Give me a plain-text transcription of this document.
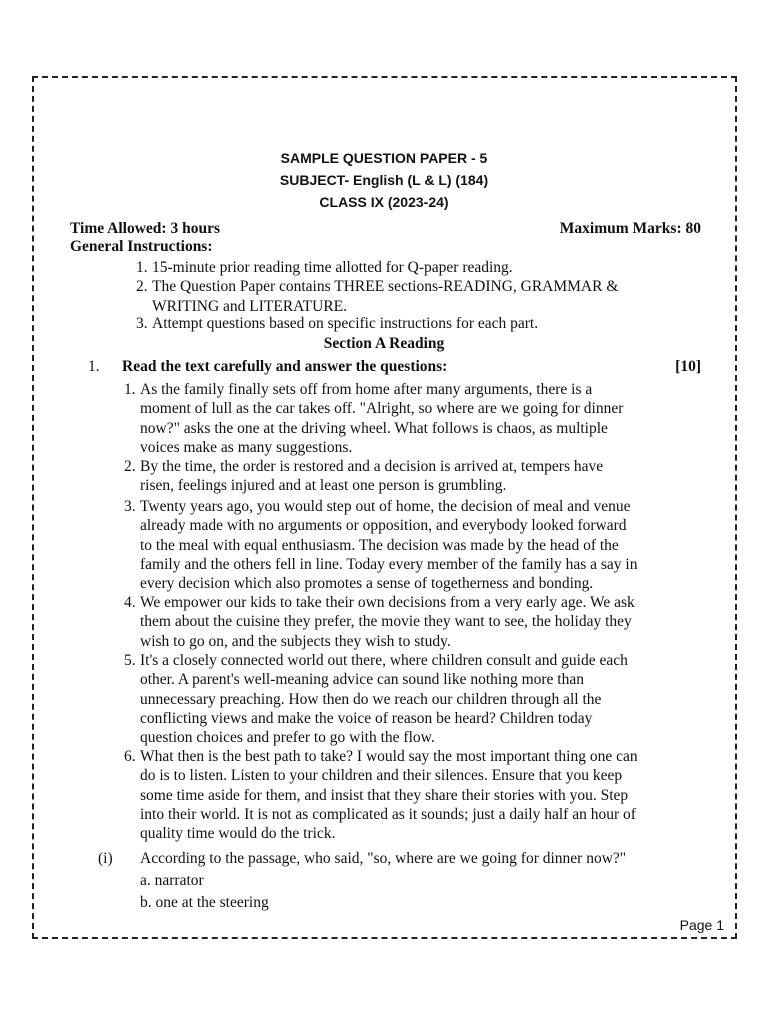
SAMPLE QUESTION PAPER - 5
SUBJECT- English (L & L) (184)
CLASS IX (2023-24)
Time Allowed: 3 hours	Maximum Marks: 80
General Instructions:
1. 15-minute prior reading time allotted for Q-paper reading.
2. The Question Paper contains THREE sections-READING, GRAMMAR &
WRITING and LITERATURE.
3. Attempt questions based on specific instructions for each part.
Section A Reading
1. Read the text carefully and answer the questions:	[10]
1. As the family finally sets off from home after many arguments, there is a
moment of lull as the car takes off. "Alright, so where are we going for dinner
now?" asks the one at the driving wheel. What follows is chaos, as multiple
voices make as many suggestions.
2. By the time, the order is restored and a decision is arrived at, tempers have
risen, feelings injured and at least one person is grumbling.
3. Twenty years ago, you would step out of home, the decision of meal and venue
already made with no arguments or opposition, and everybody looked forward
to the meal with equal enthusiasm. The decision was made by the head of the
family and the others fell in line. Today every member of the family has a say in
every decision which also promotes a sense of togetherness and bonding.
4. We empower our kids to take their own decisions from a very early age. We ask
them about the cuisine they prefer, the movie they want to see, the holiday they
wish to go on, and the subjects they wish to study.
5. It's a closely connected world out there, where children consult and guide each
other. A parent's well-meaning advice can sound like nothing more than
unnecessary preaching. How then do we reach our children through all the
conflicting views and make the voice of reason be heard? Children today
question choices and prefer to go with the flow.
6. What then is the best path to take? I would say the most important thing one can
do is to listen. Listen to your children and their silences. Ensure that you keep
some time aside for them, and insist that they share their stories with you. Step
into their world. It is not as complicated as it sounds; just a daily half an hour of
quality time would do the trick.
(i) According to the passage, who said, "so, where are we going for dinner now?"
a. narrator
b. one at the steering
Page 1
